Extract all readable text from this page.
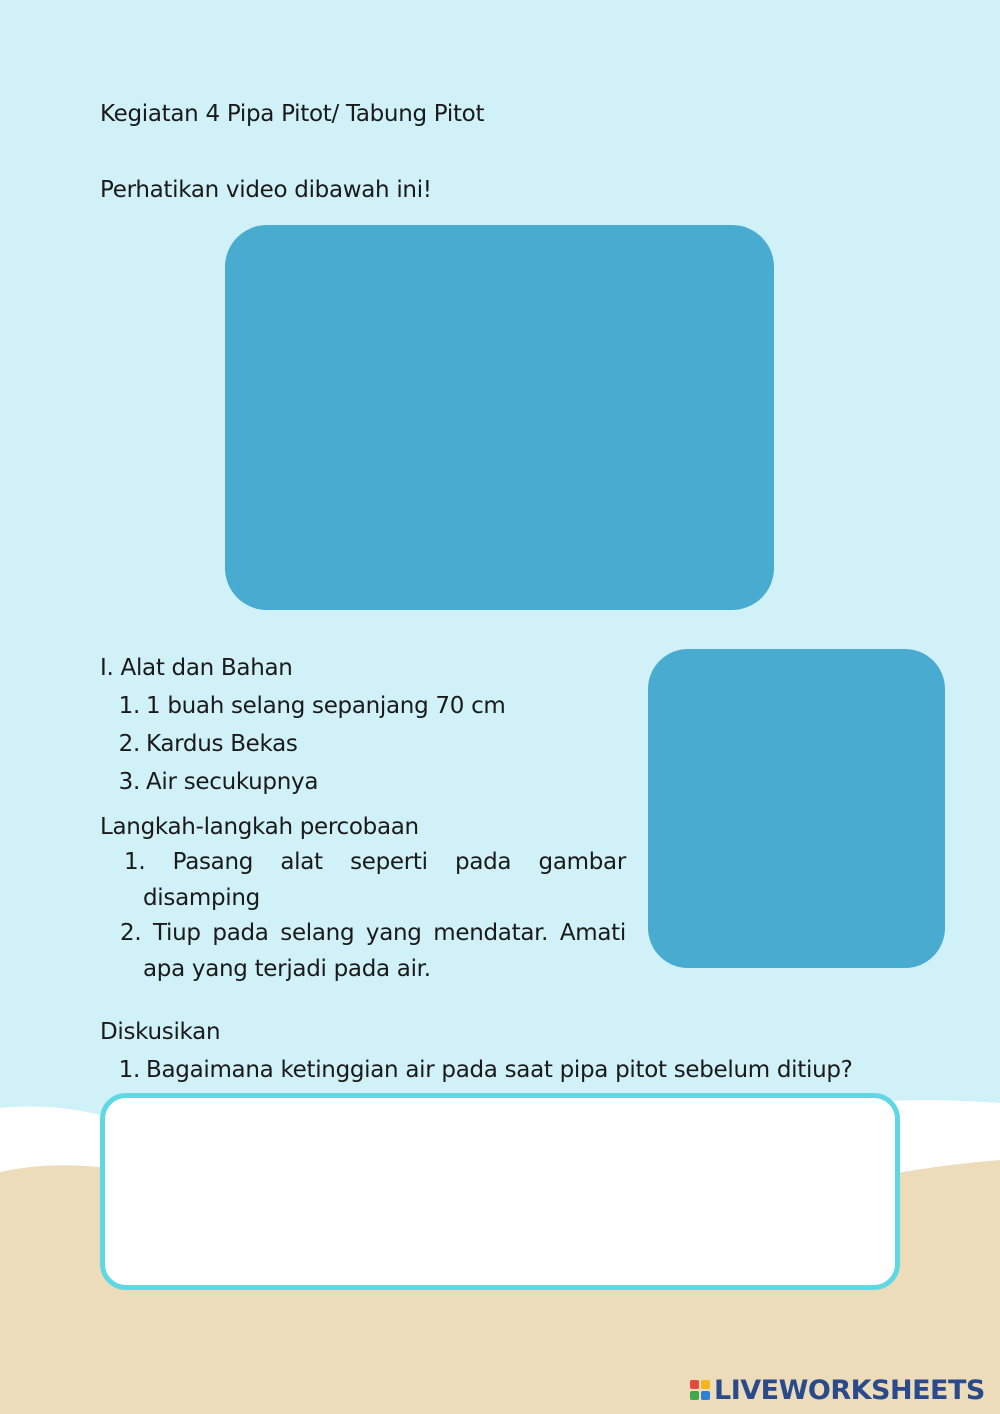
Kegiatan 4 Pipa Pitot/ Tabung Pitot
Perhatikan video dibawah ini!
I. Alat dan Bahan
1. 1 buah selang sepanjang 70 cm
2. Kardus Bekas
3. Air secukupnya
Langkah-langkah percobaan
1. Pasang alat seperti pada gambar
disamping
2. Tiup pada selang yang mendatar. Amati
apa yang terjadi pada air.
Diskusikan
1. Bagaimana ketinggian air pada saat pipa pitot sebelum ditiup?
LIVEWORKSHEETS
